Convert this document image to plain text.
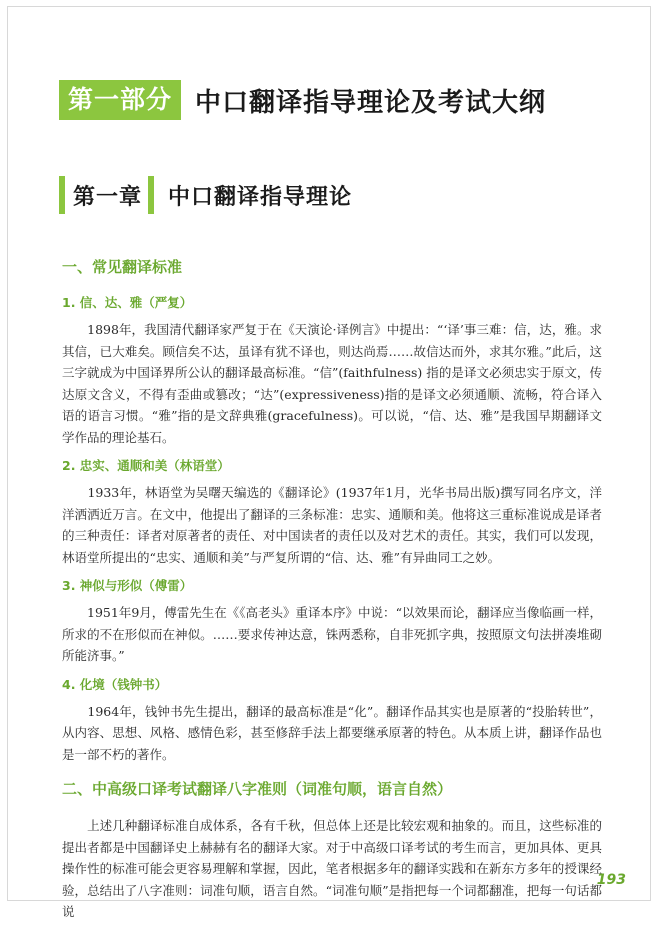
第一部分 中口翻译指导理论及考试大纲
第一章 中口翻译指导理论
一、常见翻译标准
1. 信、达、雅（严复）
　　1898年，我国清代翻译家严复于在《天演论·译例言》中提出：“‘译’事三难：信，达，雅。求其信，已大难矣。顾信矣不达，虽译有犹不译也，则达尚焉……故信达而外，求其尔雅。”此后，这三字就成为中国译界所公认的翻译最高标准。“信”(faithfulness) 指的是译文必须忠实于原文，传达原文含义，不得有歪曲或篡改；“达”(expressiveness)指的是译文必须通顺、流畅，符合译入语的语言习惯。“雅”指的是文辞典雅(gracefulness)。可以说，“信、达、雅”是我国早期翻译文学作品的理论基石。
2. 忠实、通顺和美（林语堂）
　　1933年，林语堂为吴曙天编选的《翻译论》(1937年1月，光华书局出版)撰写同名序文，洋洋洒洒近万言。在文中，他提出了翻译的三条标准：忠实、通顺和美。他将这三重标准说成是译者的三种责任：译者对原著者的责任、对中国读者的责任以及对艺术的责任。其实，我们可以发现，林语堂所提出的“忠实、通顺和美”与严复所谓的“信、达、雅”有异曲同工之妙。
3. 神似与形似（傅雷）
　　1951年9月，傅雷先生在《《高老头》重译本序》中说：“以效果而论，翻译应当像临画一样，所求的不在形似而在神似。……要求传神达意，铢两悉称，自非死抓字典，按照原文句法拼凑堆砌所能济事。”
4. 化境（钱钟书）
　　1964年，钱钟书先生提出，翻译的最高标准是“化”。翻译作品其实也是原著的“投胎转世”，从内容、思想、风格、感情色彩，甚至修辞手法上都要继承原著的特色。从本质上讲，翻译作品也是一部不朽的著作。
二、中高级口译考试翻译八字准则（词准句顺，语言自然）
　　上述几种翻译标准自成体系，各有千秋，但总体上还是比较宏观和抽象的。而且，这些标准的提出者都是中国翻译史上赫赫有名的翻译大家。对于中高级口译考试的考生而言，更加具体、更具操作性的标准可能会更容易理解和掌握，因此，笔者根据多年的翻译实践和在新东方多年的授课经验，总结出了八字准则：词准句顺，语言自然。“词准句顺”是指把每一个词都翻准，把每一句话都说
193
